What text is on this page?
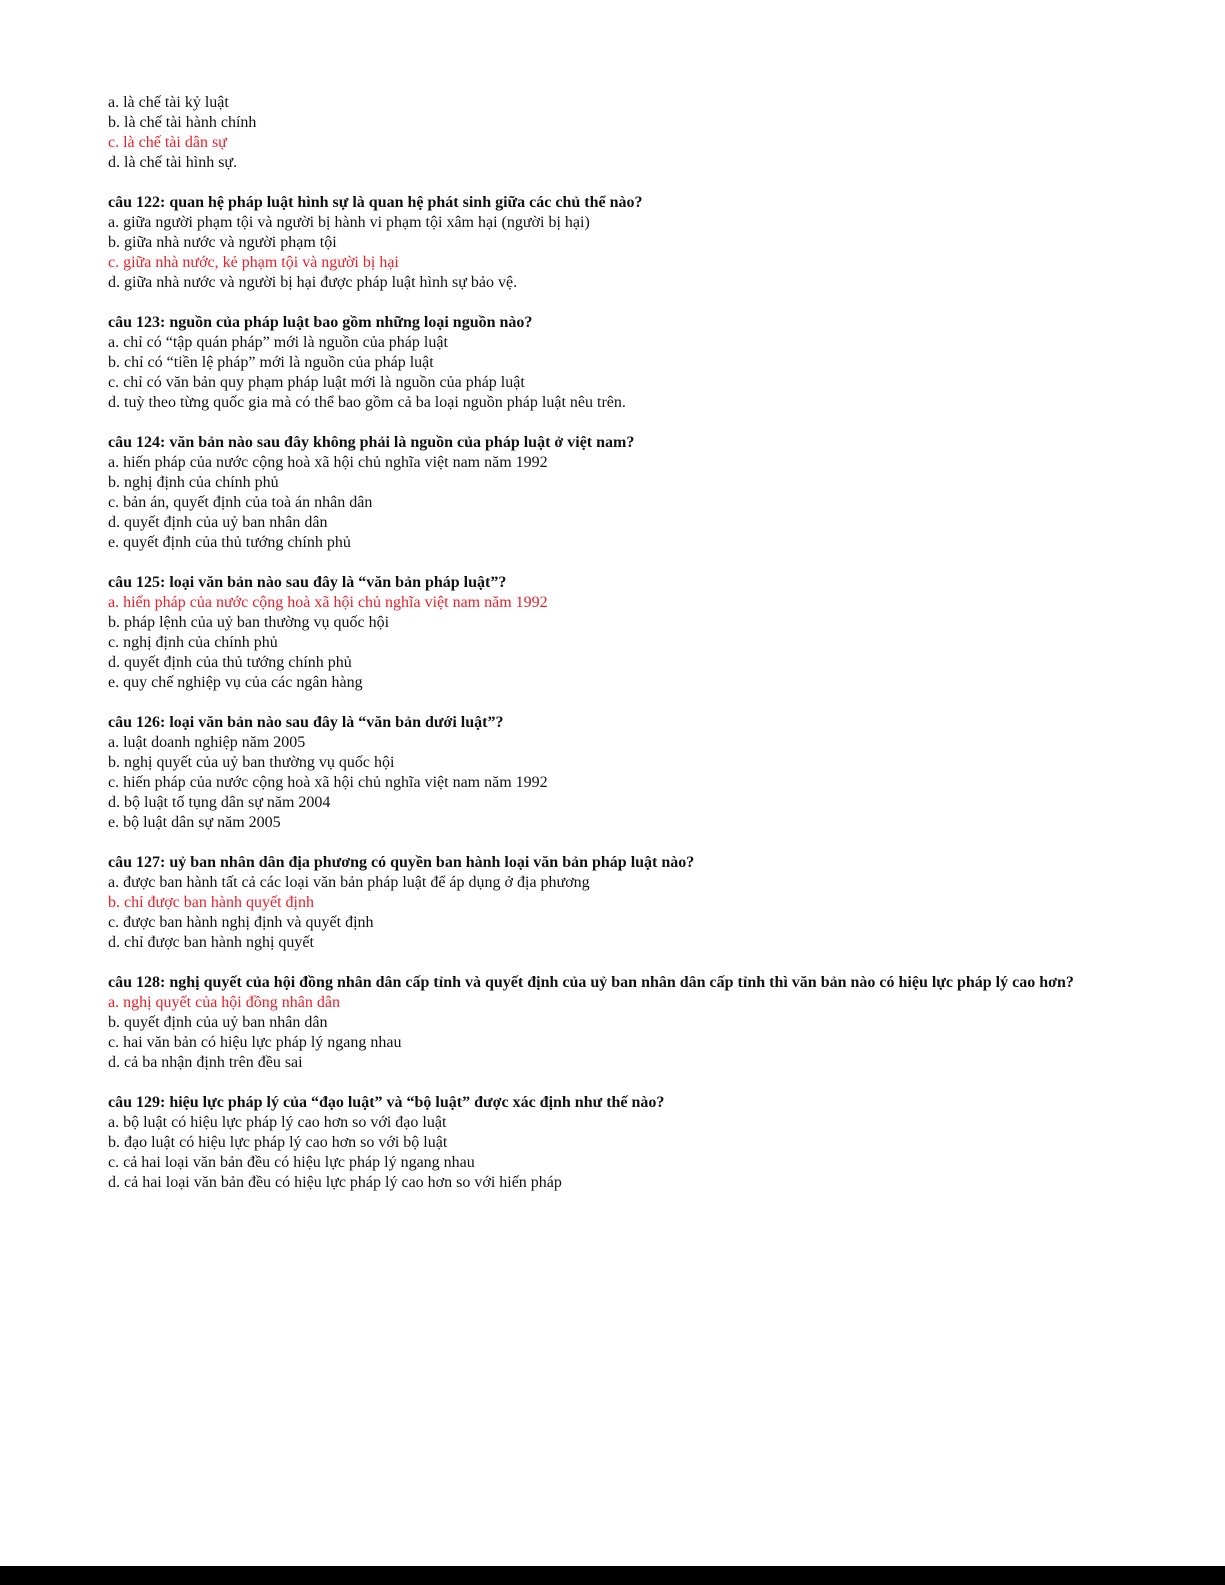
a. là chế tài kỷ luật
b. là chế tài hành chính
c. là chế tài dân sự
d. là chế tài hình sự.
câu 122: quan hệ pháp luật hình sự là quan hệ phát sinh giữa các chủ thể nào?
a. giữa người phạm tội và người bị hành vi phạm tội xâm hại (người bị hại)
b. giữa nhà nước và người phạm tội
c. giữa nhà nước, kẻ phạm tội và người bị hại
d. giữa nhà nước và người bị hại được pháp luật hình sự bảo vệ.
câu 123: nguồn của pháp luật bao gồm những loại nguồn nào?
a. chỉ có “tập quán pháp” mới là nguồn của pháp luật
b. chỉ có “tiền lệ pháp” mới là nguồn của pháp luật
c. chỉ có văn bản quy phạm pháp luật mới là nguồn của pháp luật
d. tuỳ theo từng quốc gia mà có thể bao gồm cả ba loại nguồn pháp luật nêu trên.
câu 124: văn bản nào sau đây không phải là nguồn của pháp luật ở việt nam?
a. hiến pháp của nước cộng hoà xã hội chủ nghĩa việt nam năm 1992
b. nghị định của chính phủ
c. bản án, quyết định của toà án nhân dân
d. quyết định của uỷ ban nhân dân
e. quyết định của thủ tướng chính phủ
câu 125: loại văn bản nào sau đây là “văn bản pháp luật”?
a. hiến pháp của nước cộng hoà xã hội chủ nghĩa việt nam năm 1992
b. pháp lệnh của uỷ ban thường vụ quốc hội
c. nghị định của chính phủ
d. quyết định của thủ tướng chính phủ
e. quy chế nghiệp vụ của các ngân hàng
câu 126: loại văn bản nào sau đây là “văn bản dưới luật”?
a. luật doanh nghiệp năm 2005
b. nghị quyết của uỷ ban thường vụ quốc hội
c. hiến pháp của nước cộng hoà xã hội chủ nghĩa việt nam năm 1992
d. bộ luật tố tụng dân sự năm 2004
e. bộ luật dân sự năm 2005
câu 127: uỷ ban nhân dân địa phương có quyền ban hành loại văn bản pháp luật nào?
a. được ban hành tất cả các loại văn bản pháp luật để áp dụng ở địa phương
b. chỉ được ban hành quyết định
c. được ban hành nghị định và quyết định
d. chỉ được ban hành nghị quyết
câu 128: nghị quyết của hội đồng nhân dân cấp tỉnh và quyết định của uỷ ban nhân dân cấp tỉnh thì văn bản nào có hiệu lực pháp lý cao hơn?
a. nghị quyết của hội đồng nhân dân
b. quyết định của uỷ ban nhân dân
c. hai văn bản có hiệu lực pháp lý ngang nhau
d. cả ba nhận định trên đều sai
câu 129: hiệu lực pháp lý của “đạo luật” và “bộ luật” được xác định như thế nào?
a. bộ luật có hiệu lực pháp lý cao hơn so với đạo luật
b. đạo luật có hiệu lực pháp lý cao hơn so với bộ luật
c. cả hai loại văn bản đều có hiệu lực pháp lý ngang nhau
d. cả hai loại văn bản đều có hiệu lực pháp lý cao hơn so với hiến pháp
